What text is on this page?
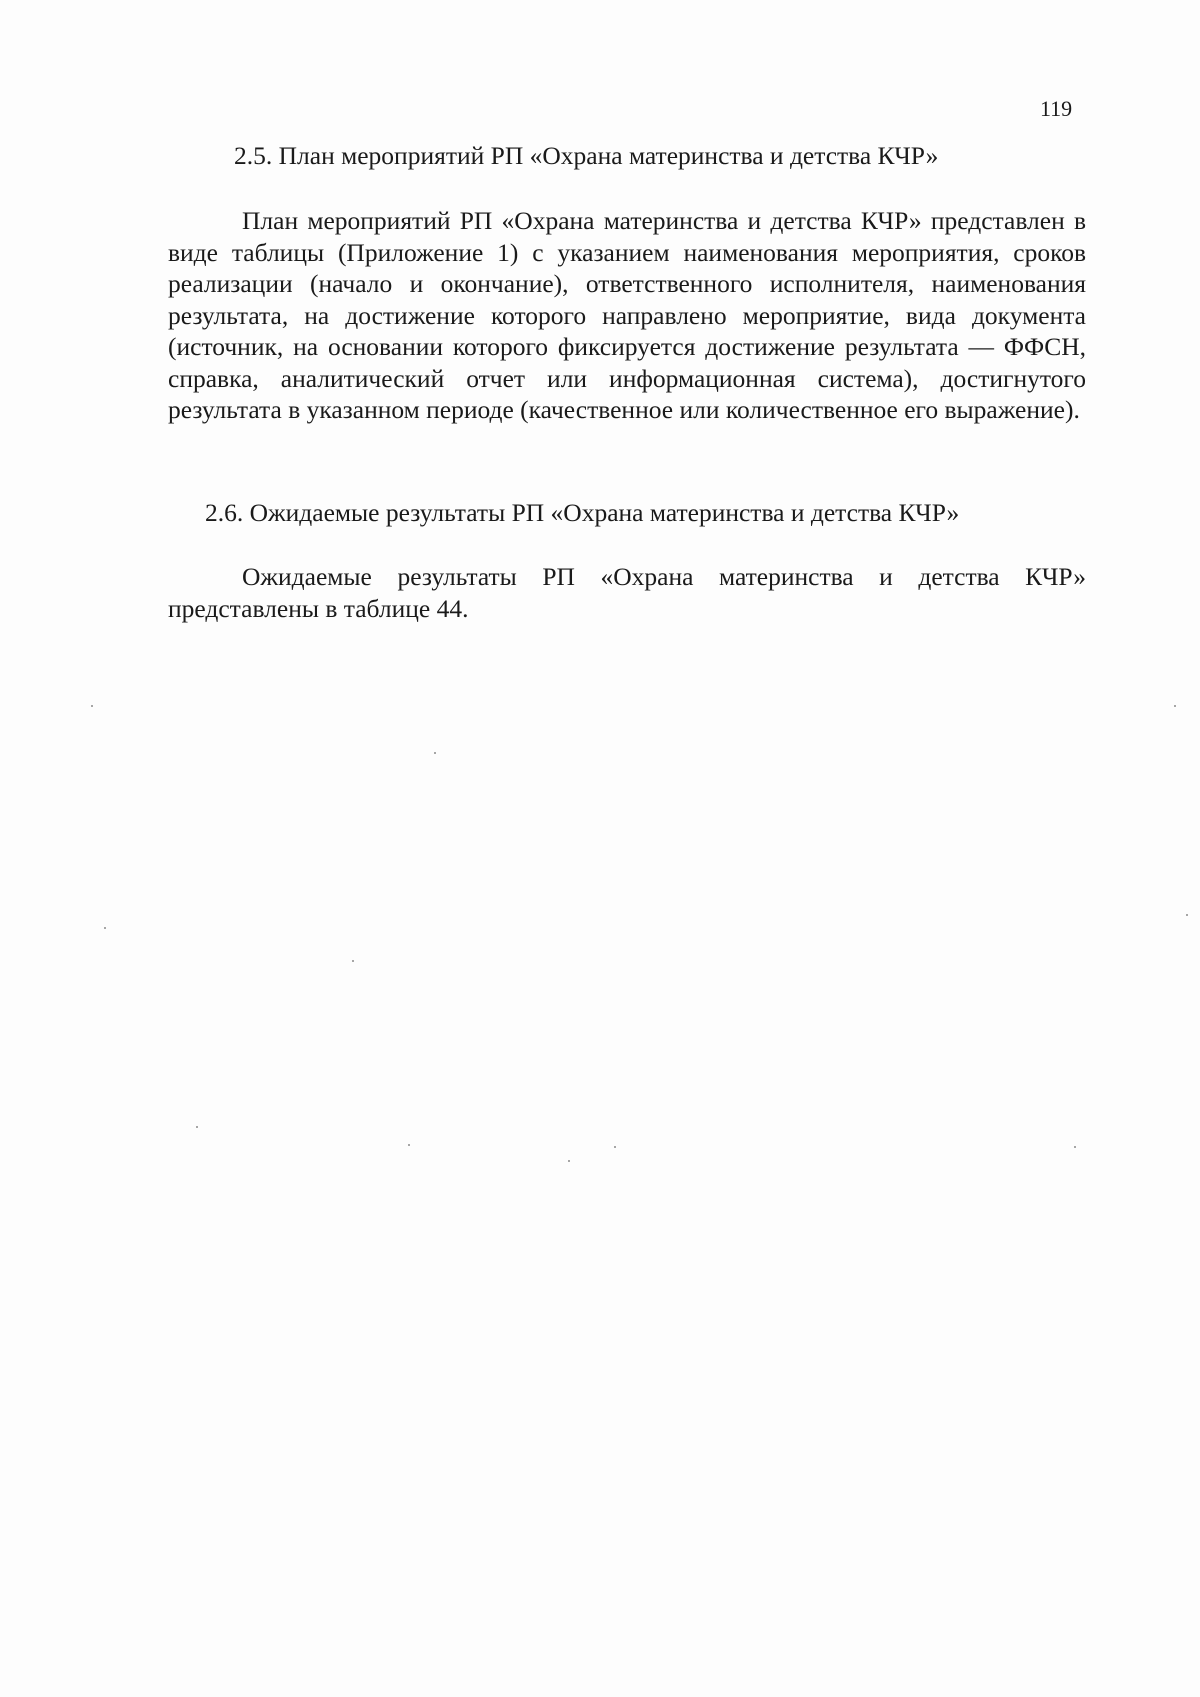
119
2.5. План мероприятий РП «Охрана материнства и детства КЧР»

План мероприятий РП «Охрана материнства и детства КЧР» представлен в виде таблицы (Приложение 1) с указанием наименования мероприятия, сроков реализации (начало и окончание), ответственного исполнителя, наименования результата, на достижение которого направлено мероприятие, вида документа (источник, на основании которого фиксируется достижение результата — ФФСН, справка, аналитический отчет или информационная система), достигнутого результата в указанном периоде (качественное или количественное его выражение).

2.6. Ожидаемые результаты РП «Охрана материнства и детства КЧР»

Ожидаемые результаты РП «Охрана материнства и детства КЧР» представлены в таблице 44.
